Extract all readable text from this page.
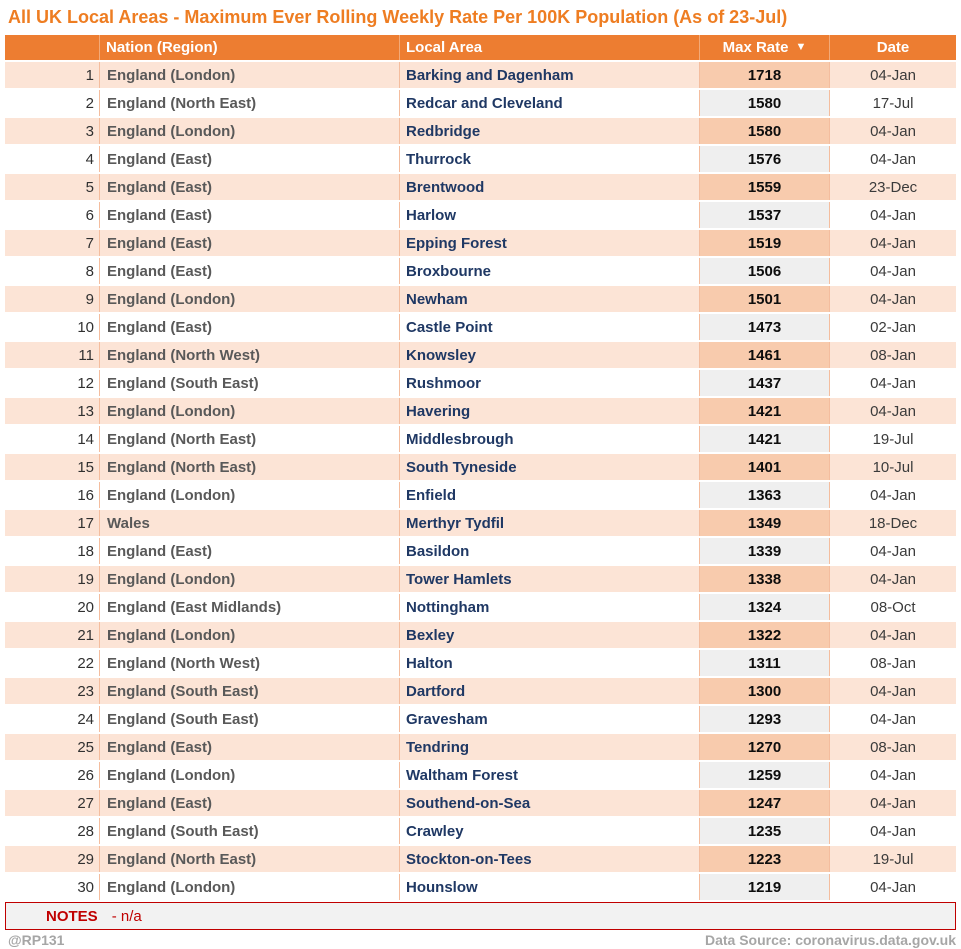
All UK Local Areas - Maximum Ever Rolling Weekly Rate Per 100K Population (As of 23-Jul)
Nation (Region)	Local Area	Max Rate ▼	Date
1 England (London)	Barking and Dagenham	1718	04-Jan
2 England (North East)	Redcar and Cleveland	1580	17-Jul
3 England (London)	Redbridge	1580	04-Jan
4 England (East)	Thurrock	1576	04-Jan
5 England (East)	Brentwood	1559	23-Dec
6 England (East)	Harlow	1537	04-Jan
7 England (East)	Epping Forest	1519	04-Jan
8 England (East)	Broxbourne	1506	04-Jan
9 England (London)	Newham	1501	04-Jan
10 England (East)	Castle Point	1473	02-Jan
11 England (North West)	Knowsley	1461	08-Jan
12 England (South East)	Rushmoor	1437	04-Jan
13 England (London)	Havering	1421	04-Jan
14 England (North East)	Middlesbrough	1421	19-Jul
15 England (North East)	South Tyneside	1401	10-Jul
16 England (London)	Enfield	1363	04-Jan
17 Wales	Merthyr Tydfil	1349	18-Dec
18 England (East)	Basildon	1339	04-Jan
19 England (London)	Tower Hamlets	1338	04-Jan
20 England (East Midlands)	Nottingham	1324	08-Oct
21 England (London)	Bexley	1322	04-Jan
22 England (North West)	Halton	1311	08-Jan
23 England (South East)	Dartford	1300	04-Jan
24 England (South East)	Gravesham	1293	04-Jan
25 England (East)	Tendring	1270	08-Jan
26 England (London)	Waltham Forest	1259	04-Jan
27 England (East)	Southend-on-Sea	1247	04-Jan
28 England (South East)	Crawley	1235	04-Jan
29 England (North East)	Stockton-on-Tees	1223	19-Jul
30 England (London)	Hounslow	1219	04-Jan
NOTES - n/a
@RP131	Data Source: coronavirus.data.gov.uk
